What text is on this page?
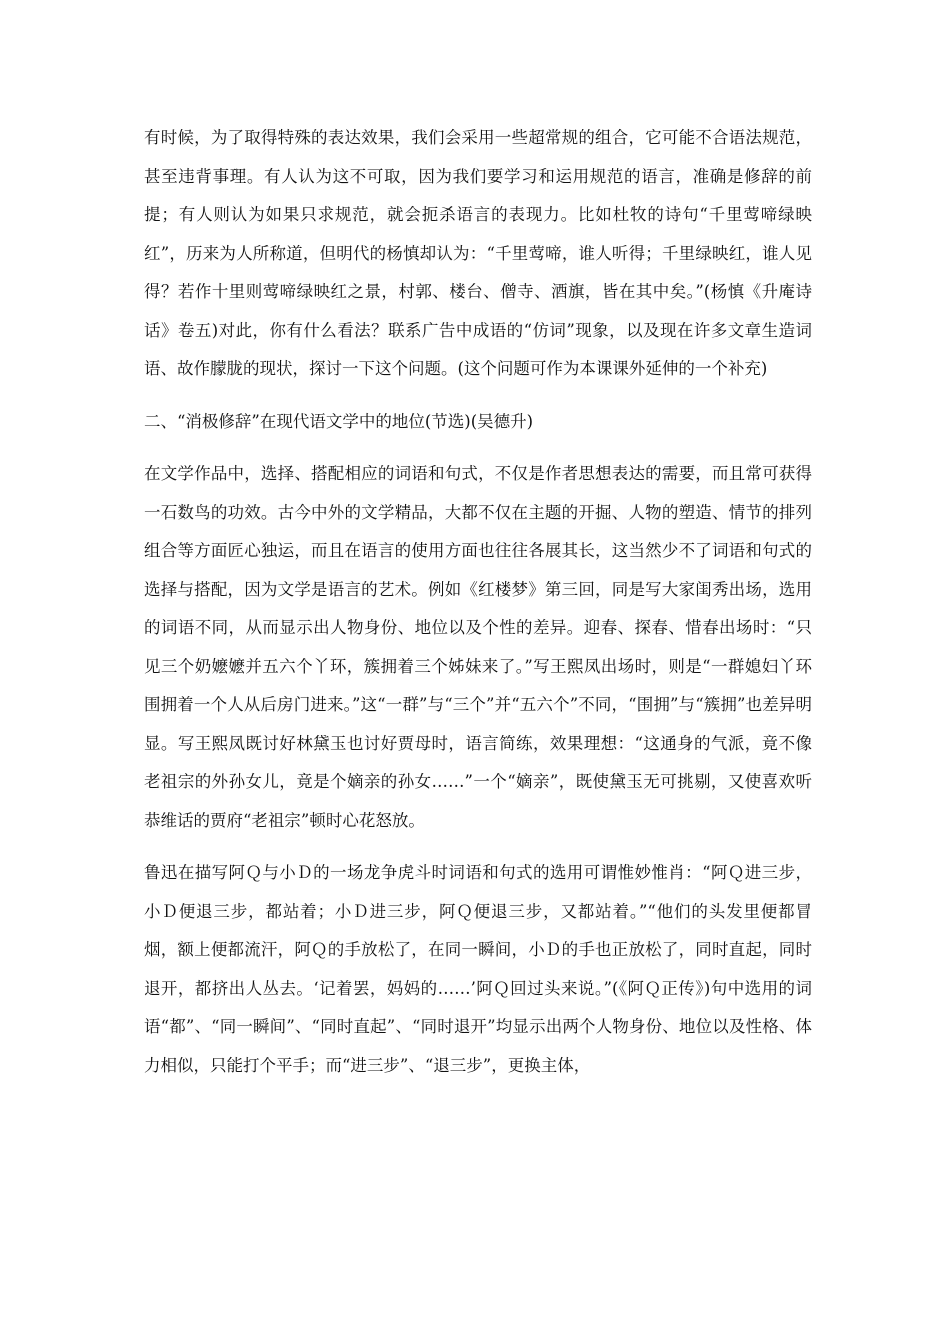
有时候，为了取得特殊的表达效果，我们会采用一些超常规的组合，它可能不合语法规范，甚至违背事理。有人认为这不可取，因为我们要学习和运用规范的语言，准确是修辞的前提；有人则认为如果只求规范，就会扼杀语言的表现力。比如杜牧的诗句“千里莺啼绿映红”，历来为人所称道，但明代的杨慎却认为：“千里莺啼，谁人听得；千里绿映红，谁人见得？若作十里则莺啼绿映红之景，村郭、楼台、僧寺、酒旗，皆在其中矣。”(杨慎《升庵诗话》卷五)对此，你有什么看法？联系广告中成语的“仿词”现象，以及现在许多文章生造词语、故作朦胧的现状，探讨一下这个问题。(这个问题可作为本课课外延伸的一个补充)

二、“消极修辞”在现代语文学中的地位(节选)(吴德升)

在文学作品中，选择、搭配相应的词语和句式，不仅是作者思想表达的需要，而且常可获得一石数鸟的功效。古今中外的文学精品，大都不仅在主题的开掘、人物的塑造、情节的排列组合等方面匠心独运，而且在语言的使用方面也往往各展其长，这当然少不了词语和句式的选择与搭配，因为文学是语言的艺术。例如《红楼梦》第三回，同是写大家闺秀出场，选用的词语不同，从而显示出人物身份、地位以及个性的差异。迎春、探春、惜春出场时：“只见三个奶嬷嬷并五六个丫环，簇拥着三个姊妹来了。”写王熙凤出场时，则是“一群媳妇丫环围拥着一个人从后房门进来。”这“一群”与“三个”并“五六个”不同，“围拥”与“簇拥”也差异明显。写王熙凤既讨好林黛玉也讨好贾母时，语言简练，效果理想：“这通身的气派，竟不像老祖宗的外孙女儿，竟是个嫡亲的孙女……”一个“嫡亲”，既使黛玉无可挑剔，又使喜欢听恭维话的贾府“老祖宗”顿时心花怒放。

鲁迅在描写阿Ｑ与小Ｄ的一场龙争虎斗时词语和句式的选用可谓惟妙惟肖：“阿Ｑ进三步，小Ｄ便退三步，都站着；小Ｄ进三步，阿Ｑ便退三步，又都站着。”“他们的头发里便都冒烟，额上便都流汗，阿Ｑ的手放松了，在同一瞬间，小Ｄ的手也正放松了，同时直起，同时退开，都挤出人丛去。‘记着罢，妈妈的……’阿Ｑ回过头来说。”(《阿Ｑ正传》)句中选用的词语“都”、“同一瞬间”、“同时直起”、“同时退开”均显示出两个人物身份、地位以及性格、体力相似，只能打个平手；而“进三步”、“退三步”，更换主体，
